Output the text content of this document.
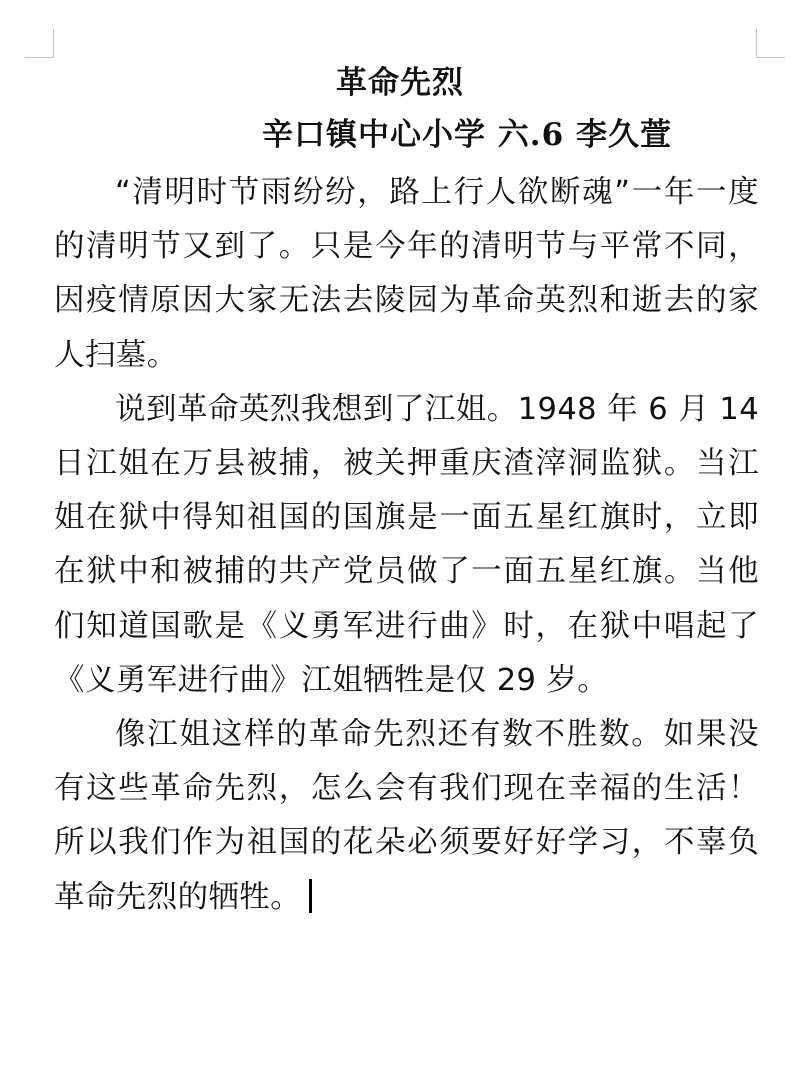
革命先烈
辛口镇中心小学 六.6 李久萱

“清明时节雨纷纷，路上行人欲断魂”一年一度的清明节又到了。只是今年的清明节与平常不同，因疫情原因大家无法去陵园为革命英烈和逝去的家人扫墓。

说到革命英烈我想到了江姐。1948 年 6 月 14 日江姐在万县被捕，被关押重庆渣滓洞监狱。当江姐在狱中得知祖国的国旗是一面五星红旗时，立即在狱中和被捕的共产党员做了一面五星红旗。当他们知道国歌是《义勇军进行曲》时，在狱中唱起了《义勇军进行曲》江姐牺牲是仅 29 岁。

像江姐这样的革命先烈还有数不胜数。如果没有这些革命先烈，怎么会有我们现在幸福的生活！所以我们作为祖国的花朵必须要好好学习，不辜负革命先烈的牺牲。
